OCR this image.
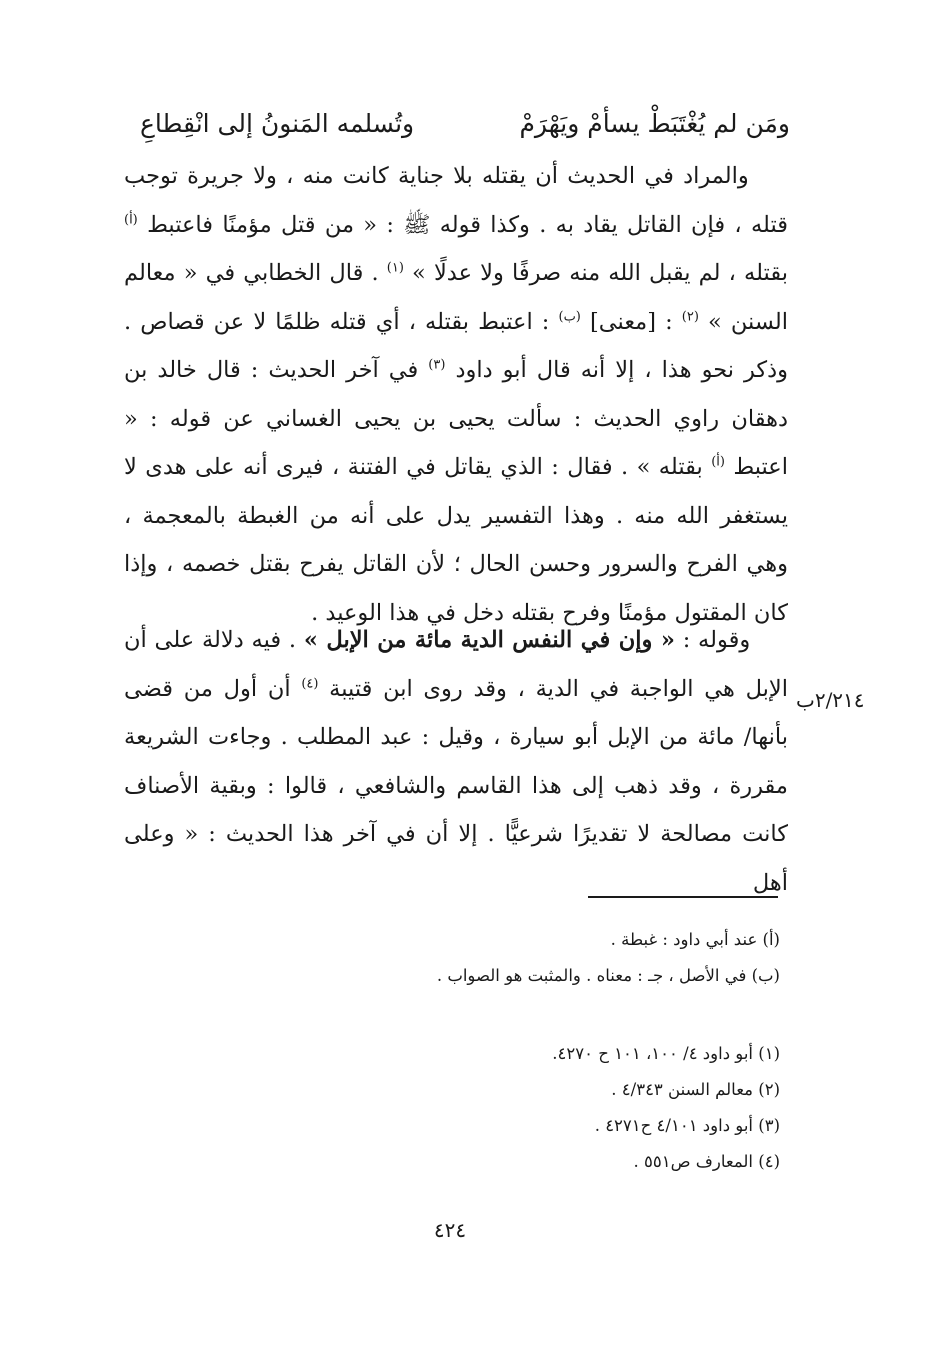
ومَن لم يُغْتَبَطْ يسأمْ ويَهْرَمْ
وتُسلمه المَنونُ إلى انْقِطاعِ
والمراد في الحديث أن يقتله بلا جناية كانت منه ، ولا جريرة توجب قتله ، فإن القاتل يقاد به . وكذا قوله ﷺ : « من قتل مؤمنًا فاعتبط $^{(أ)}$ بقتله ، لم يقبل الله منه صرفًا ولا عدلًا » $^{(١)}$ . قال الخطابي في « معالم السنن » $^{(٢)}$ : [معنى] $^{(ب)}$ : اعتبط بقتله ، أي قتله ظلمًا لا عن قصاص . وذكر نحو هذا ، إلا أنه قال أبو داود $^{(٣)}$ في آخر الحديث : قال خالد بن دهقان راوي الحديث : سألت يحيى بن يحيى الغساني عن قوله : « اعتبط $^{(أ)}$ بقتله » . فقال : الذي يقاتل في الفتنة ، فيرى أنه على هدى لا يستغفر الله منه . وهذا التفسير يدل على أنه من الغبطة بالمعجمة ، وهي الفرح والسرور وحسن الحال ؛ لأن القاتل يفرح بقتل خصمه ، وإذا كان المقتول مؤمنًا وفرح بقتله دخل في هذا الوعيد .
وقوله : « وإن في النفس الدية مائة من الإبل » . فيه دلالة على أن الإبل هي الواجبة في الدية ، وقد روى ابن قتيبة $^{(٤)}$ أن أول من قضى بأنها/ مائة من الإبل أبو سيارة ، وقيل : عبد المطلب . وجاءت الشريعة مقررة ، وقد ذهب إلى هذا القاسم والشافعي ، قالوا : وبقية الأصناف كانت مصالحة لا تقديرًا شرعيًّا . إلا أن في آخر هذا الحديث : « وعلى أهل
٢/٢١٤ب
(أ) عند أبي داود : غبطة .
(ب) في الأصل ، جـ : معناه . والمثبت هو الصواب .
(١) أبو داود ٤/ ١٠٠، ١٠١ ح ٤٢٧٠.
(٢) معالم السنن ٤/٣٤٣ .
(٣) أبو داود ٤/١٠١ ح٤٢٧١ .
(٤) المعارف ص٥٥١ .
٤٢٤
